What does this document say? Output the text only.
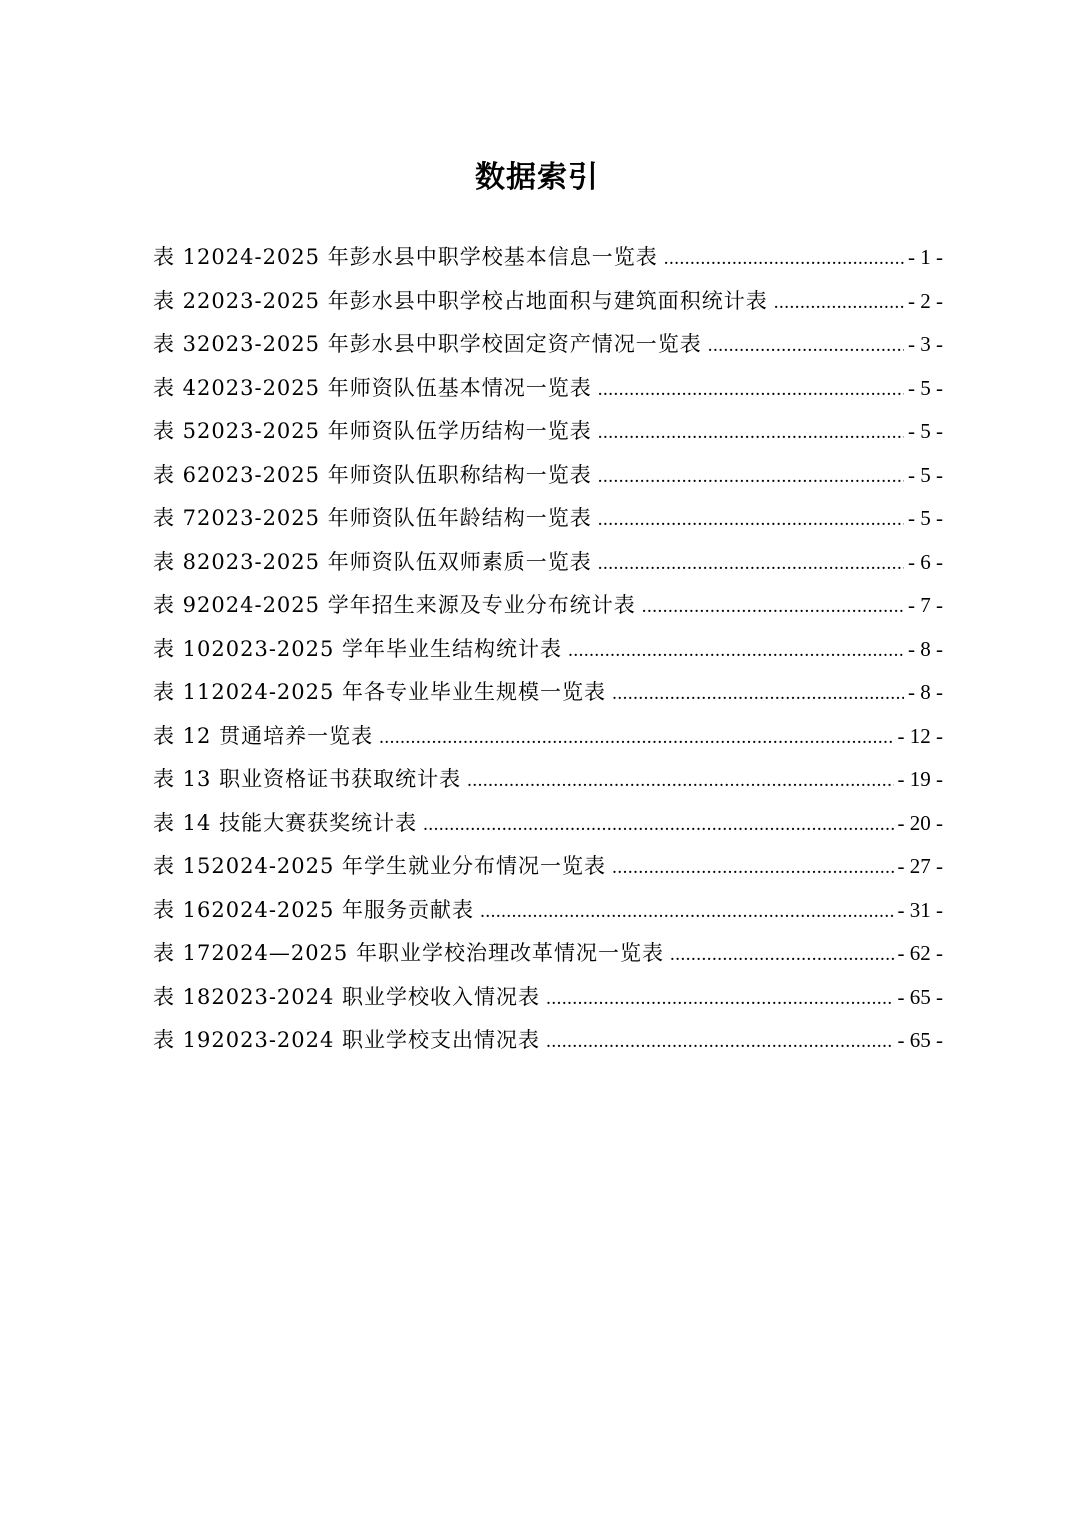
数据索引
表 12024-2025 年彭水县中职学校基本信息一览表 .....	- 1 -
表 22023-2025 年彭水县中职学校占地面积与建筑面积统计表 .....	- 2 -
表 32023-2025 年彭水县中职学校固定资产情况一览表 .....	- 3 -
表 42023-2025 年师资队伍基本情况一览表 .....	- 5 -
表 52023-2025 年师资队伍学历结构一览表 .....	- 5 -
表 62023-2025 年师资队伍职称结构一览表 .....	- 5 -
表 72023-2025 年师资队伍年龄结构一览表 .....	- 5 -
表 82023-2025 年师资队伍双师素质一览表 .....	- 6 -
表 92024-2025 学年招生来源及专业分布统计表 .....	- 7 -
表 102023-2025 学年毕业生结构统计表 .....	- 8 -
表 112024-2025 年各专业毕业生规模一览表 .....	- 8 -
表 12 贯通培养一览表 .....	- 12 -
表 13 职业资格证书获取统计表 .....	- 19 -
表 14 技能大赛获奖统计表 .....	- 20 -
表 152024-2025 年学生就业分布情况一览表 .....	- 27 -
表 162024-2025 年服务贡献表 .....	- 31 -
表 172024—2025 年职业学校治理改革情况一览表 .....	- 62 -
表 182023-2024 职业学校收入情况表 .....	- 65 -
表 192023-2024 职业学校支出情况表 .....	- 65 -
